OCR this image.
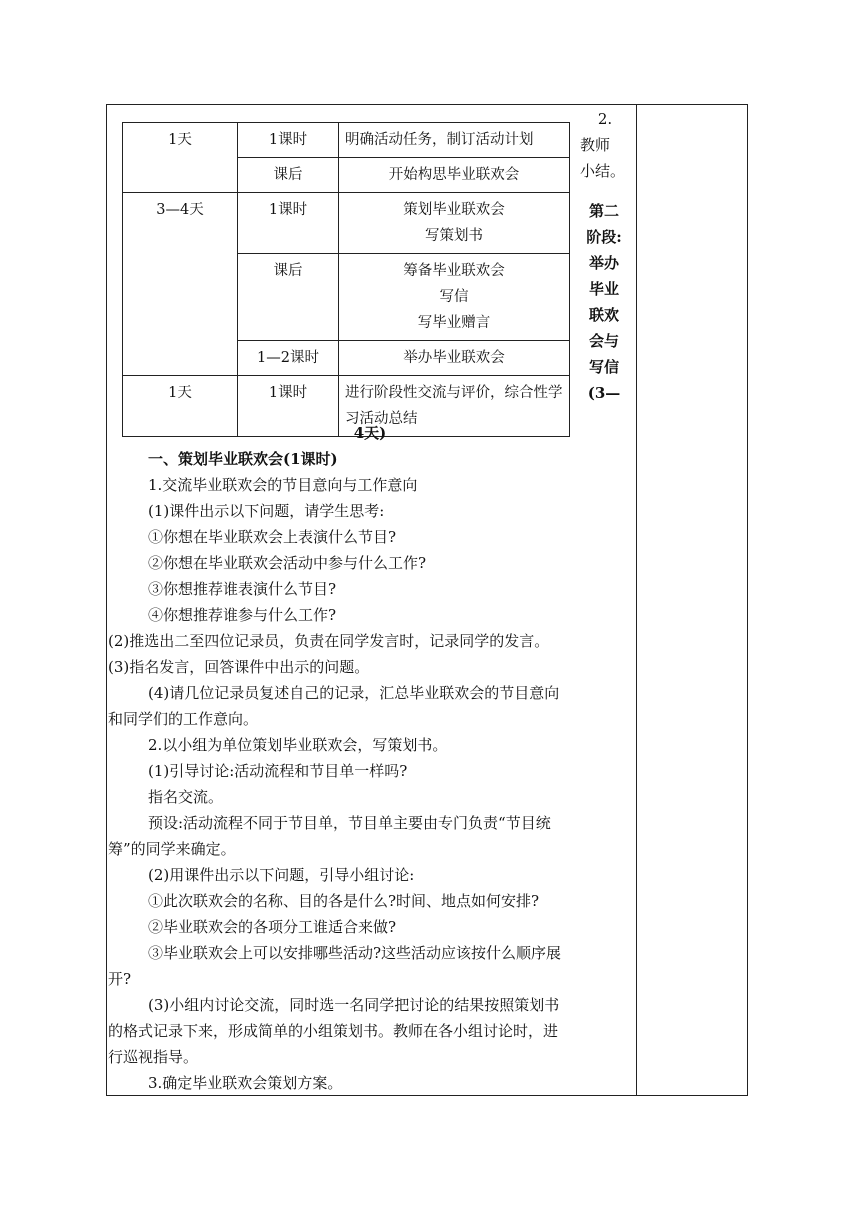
1天	1课时	明确活动任务，制订活动计划
	课后	开始构思毕业联欢会
3—4天	1课时	策划毕业联欢会
写策划书

	课后	筹备毕业联欢会
写信
写毕业赠言

	1—2课时	举办毕业联欢会
1天	1课时	进行阶段性交流与评价，综合性学习活动总结
2.
教师
小结。
第二
阶段:
举办
毕业
联欢
会与
写信
(3—
4天)
一、策划毕业联欢会(1课时)
1.交流毕业联欢会的节目意向与工作意向
(1)课件出示以下问题，请学生思考:
①你想在毕业联欢会上表演什么节目?
②你想在毕业联欢会活动中参与什么工作?
③你想推荐谁表演什么节目?
④你想推荐谁参与什么工作?
(2)推选出二至四位记录员，负责在同学发言时，记录同学的发言。
(3)指名发言，回答课件中出示的问题。
(4)请几位记录员复述自己的记录，汇总毕业联欢会的节目意向
和同学们的工作意向。
2.以小组为单位策划毕业联欢会，写策划书。
(1)引导讨论:活动流程和节目单一样吗?
指名交流。
预设:活动流程不同于节目单，节目单主要由专门负责“节目统
筹”的同学来确定。
(2)用课件出示以下问题，引导小组讨论:
①此次联欢会的名称、目的各是什么?时间、地点如何安排?
②毕业联欢会的各项分工谁适合来做?
③毕业联欢会上可以安排哪些活动?这些活动应该按什么顺序展
开?
(3)小组内讨论交流，同时选一名同学把讨论的结果按照策划书
的格式记录下来，形成简单的小组策划书。教师在各小组讨论时，进
行巡视指导。
3.确定毕业联欢会策划方案。
